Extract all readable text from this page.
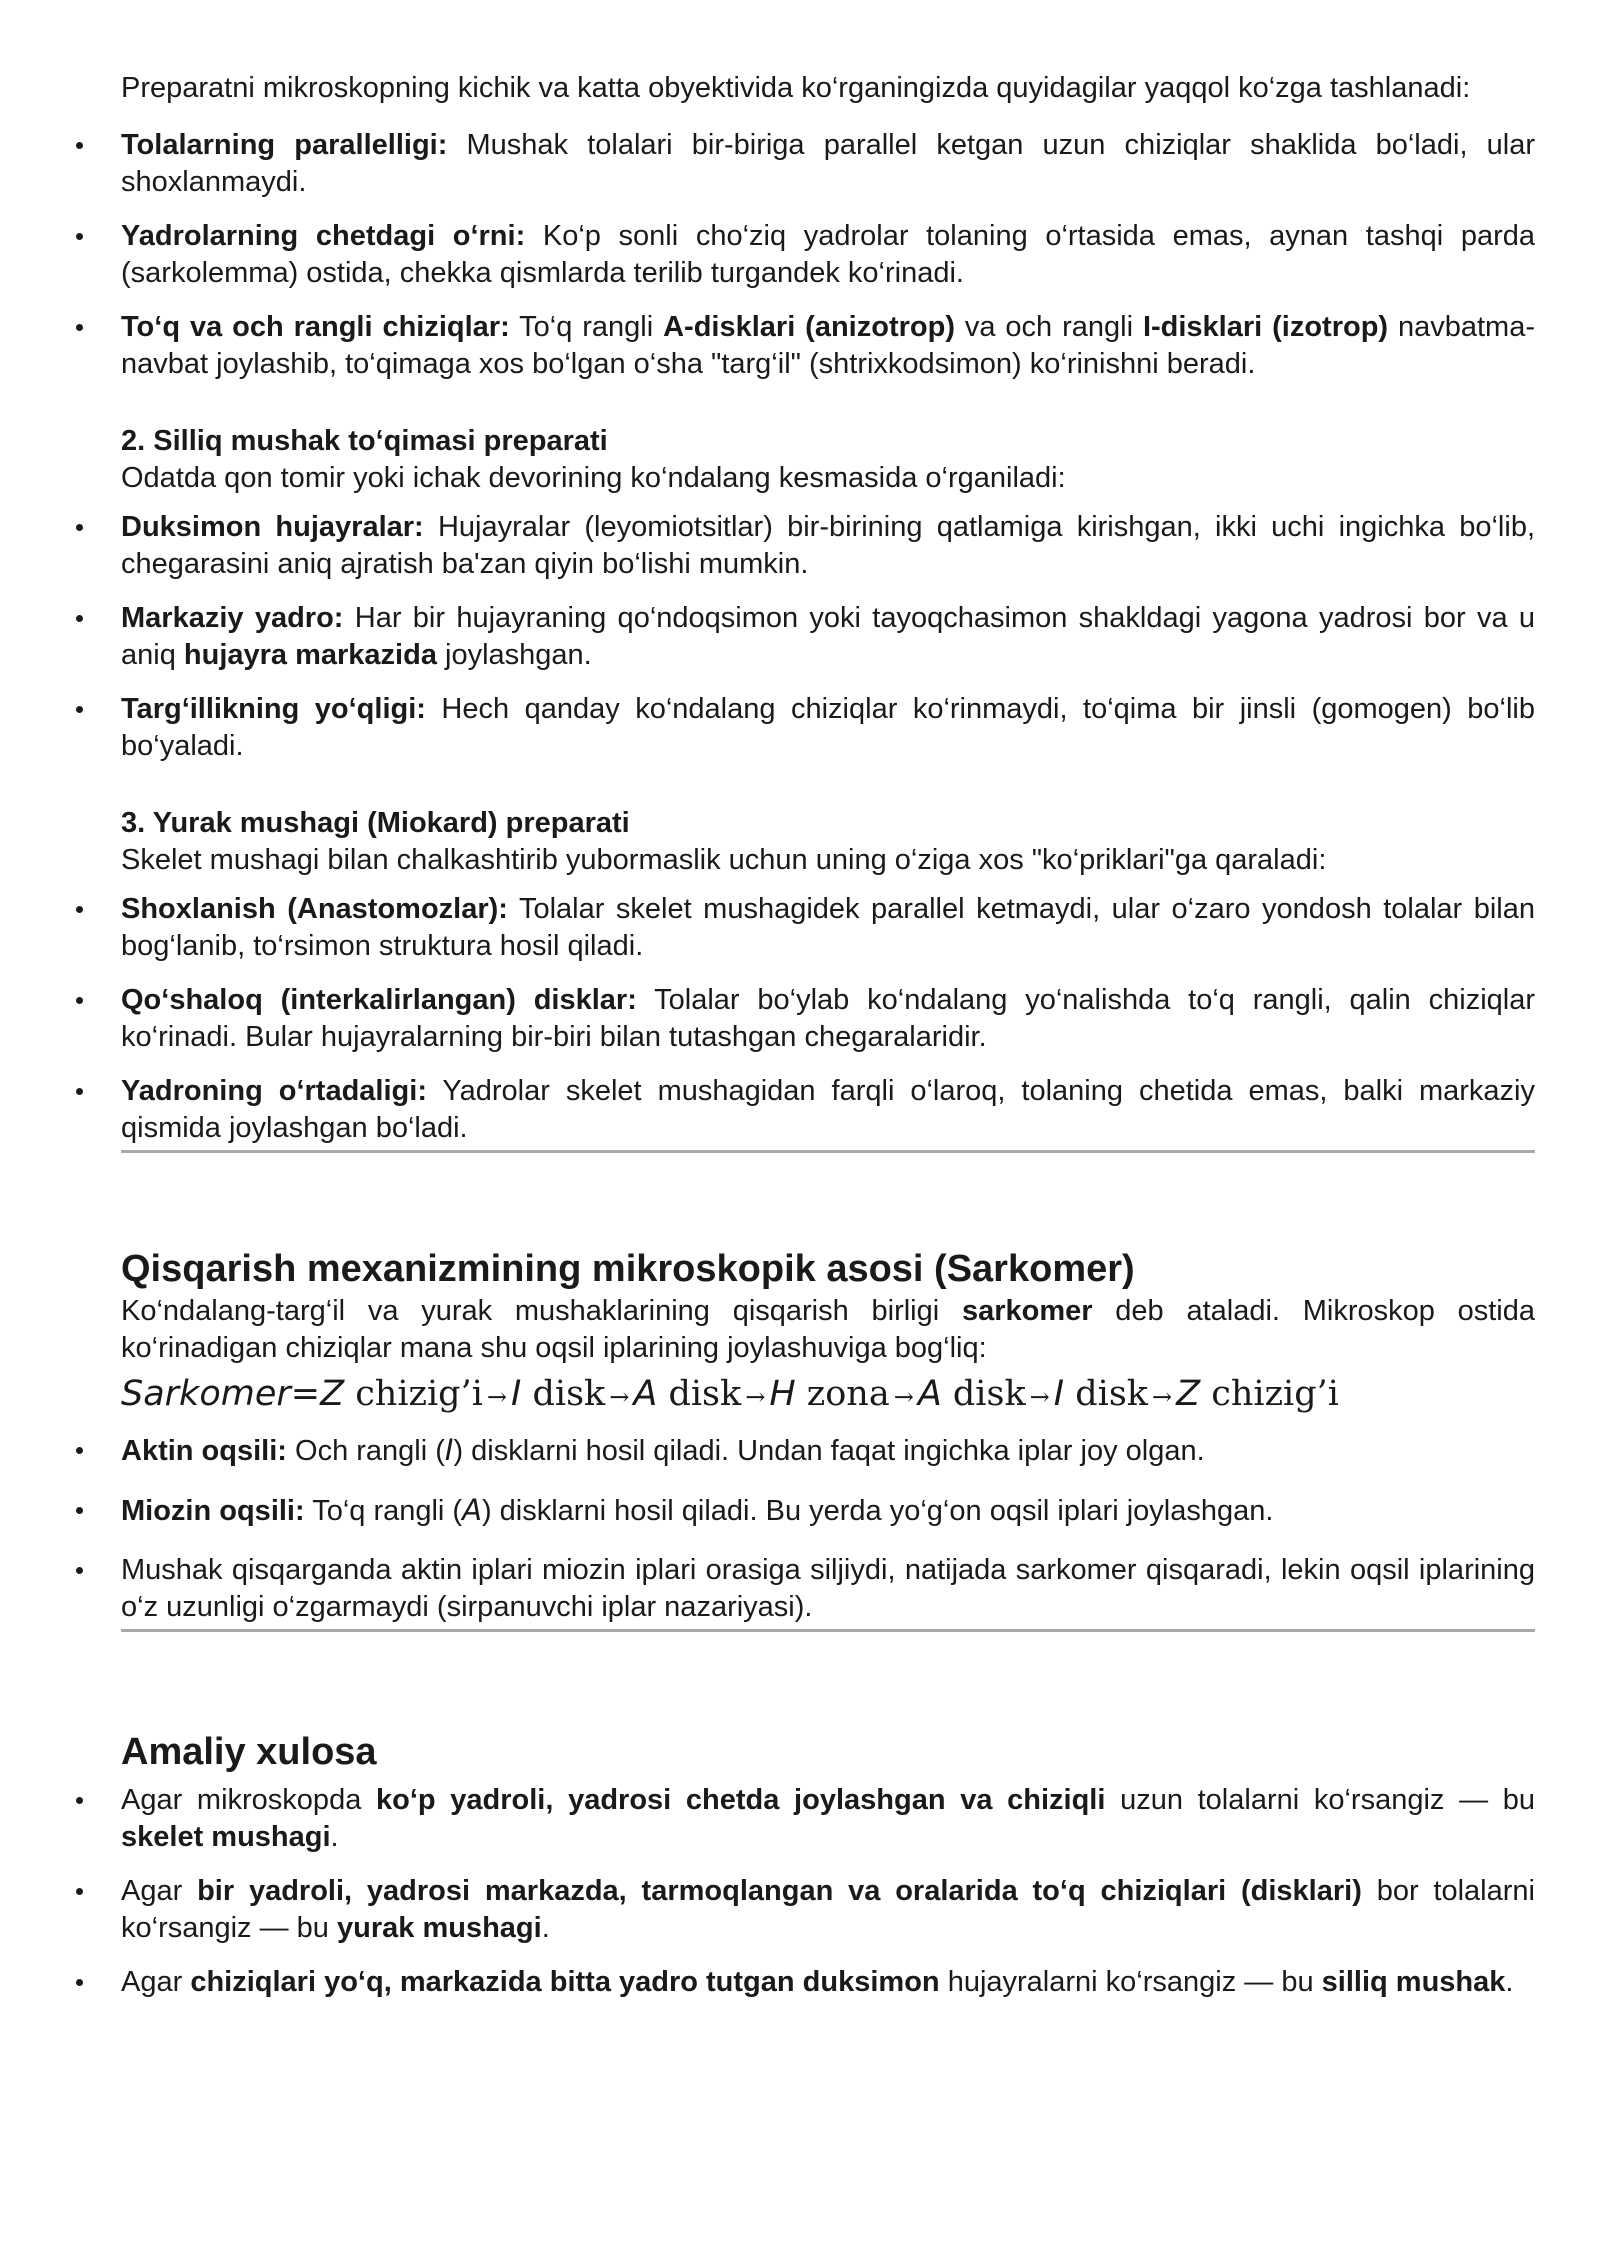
Preparatni mikroskopning kichik va katta obyektivida ko‘rganingizda quyidagilar yaqqol ko‘zga tashlanadi:

Tolalarning parallelligi: Mushak tolalari bir-biriga parallel ketgan uzun chiziqlar shaklida bo‘ladi, ular shoxlanmaydi.
Yadrolarning chetdagi o‘rni: Ko‘p sonli cho‘ziq yadrolar tolaning o‘rtasida emas, aynan tashqi parda (sarkolemma) ostida, chekka qismlarda terilib turgandek ko‘rinadi.
To‘q va och rangli chiziqlar: To‘q rangli A-disklari (anizotrop) va och rangli I-disklari (izotrop) navbatma-navbat joylashib, to‘qimaga xos bo‘lgan o‘sha "targ‘il" (shtrixkodsimon) ko‘rinishni beradi.

2. Silliq mushak to‘qimasi preparati

Odatda qon tomir yoki ichak devorining ko‘ndalang kesmasida o‘rganiladi:

Duksimon hujayralar: Hujayralar (leyomiotsitlar) bir-birining qatlamiga kirishgan, ikki uchi ingichka bo‘lib, chegarasini aniq ajratish ba'zan qiyin bo‘lishi mumkin.
Markaziy yadro: Har bir hujayraning qo‘ndoqsimon yoki tayoqchasimon shakldagi yagona yadrosi bor va u aniq hujayra markazida joylashgan.
Targ‘illikning yo‘qligi: Hech qanday ko‘ndalang chiziqlar ko‘rinmaydi, to‘qima bir jinsli (gomogen) bo‘lib bo‘yaladi.

3. Yurak mushagi (Miokard) preparati

Skelet mushagi bilan chalkashtirib yubormaslik uchun uning o‘ziga xos "ko‘priklari"ga qaraladi:

Shoxlanish (Anastomozlar): Tolalar skelet mushagidek parallel ketmaydi, ular o‘zaro yondosh tolalar bilan bog‘lanib, to‘rsimon struktura hosil qiladi.
Qo‘shaloq (interkalirlangan) disklar: Tolalar bo‘ylab ko‘ndalang yo‘nalishda to‘q rangli, qalin chiziqlar ko‘rinadi. Bular hujayralarning bir-biri bilan tutashgan chegaralaridir.
Yadroning o‘rtadaligi: Yadrolar skelet mushagidan farqli o‘laroq, tolaning chetida emas, balki markaziy qismida joylashgan bo‘ladi.
Qisqarish mexanizmining mikroskopik asosi (Sarkomer)

Ko‘ndalang-targ‘il va yurak mushaklarining qisqarish birligi sarkomer deb ataladi. Mikroskop ostida ko‘rinadigan chiziqlar mana shu oqsil iplarining joylashuviga bog‘liq:

Sarkomer=Z chizig’i → I disk → A disk → H zona → A disk → I disk → Z chizig’i
Aktin oqsili: Och rangli (I) disklarni hosil qiladi. Undan faqat ingichka iplar joy olgan.
Miozin oqsili: To‘q rangli (A) disklarni hosil qiladi. Bu yerda yo‘g‘on oqsil iplari joylashgan.
Mushak qisqarganda aktin iplari miozin iplari orasiga siljiydi, natijada sarkomer qisqaradi, lekin oqsil iplarining o‘z uzunligi o‘zgarmaydi (sirpanuvchi iplar nazariyasi).
Amaliy xulosa
Agar mikroskopda ko‘p yadroli, yadrosi chetda joylashgan va chiziqli uzun tolalarni ko‘rsangiz — bu skelet mushagi.
Agar bir yadroli, yadrosi markazda, tarmoqlangan va oralarida to‘q chiziqlari (disklari) bor tolalarni ko‘rsangiz — bu yurak mushagi.
Agar chiziqlari yo‘q, markazida bitta yadro tutgan duksimon hujayralarni ko‘rsangiz — bu silliq mushak.
